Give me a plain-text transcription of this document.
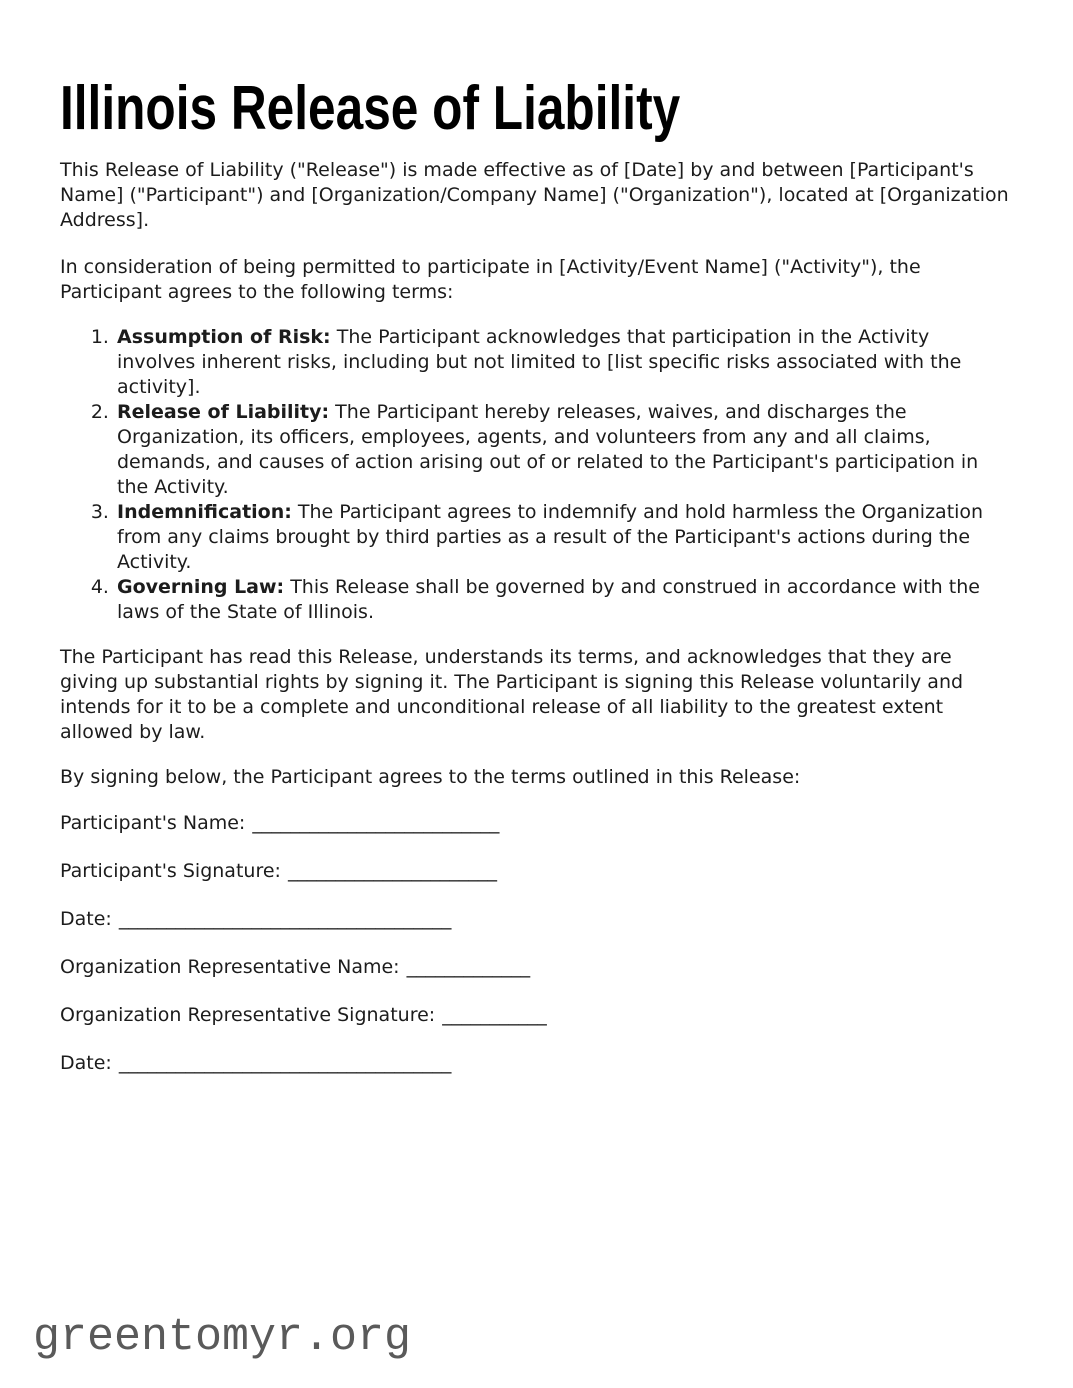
Illinois Release of Liability

This Release of Liability ("Release") is made effective as of [Date] by and between [Participant's Name] ("Participant") and [Organization/Company Name] ("Organization"), located at [Organization Address].

In consideration of being permitted to participate in [Activity/Event Name] ("Activity"), the Participant agrees to the following terms:

1. Assumption of Risk: The Participant acknowledges that participation in the Activity involves inherent risks, including but not limited to [list specific risks associated with the activity].
2. Release of Liability: The Participant hereby releases, waives, and discharges the Organization, its officers, employees, agents, and volunteers from any and all claims, demands, and causes of action arising out of or related to the Participant's participation in the Activity.
3. Indemnification: The Participant agrees to indemnify and hold harmless the Organization from any claims brought by third parties as a result of the Participant's actions during the Activity.
4. Governing Law: This Release shall be governed by and construed in accordance with the laws of the State of Illinois.

The Participant has read this Release, understands its terms, and acknowledges that they are giving up substantial rights by signing it. The Participant is signing this Release voluntarily and intends for it to be a complete and unconditional release of all liability to the greatest extent allowed by law.

By signing below, the Participant agrees to the terms outlined in this Release:

Participant's Name: __________________________

Participant's Signature: ______________________

Date: ___________________________________

Organization Representative Name: _____________

Organization Representative Signature: ___________

Date: ___________________________________

greentomyr.org
